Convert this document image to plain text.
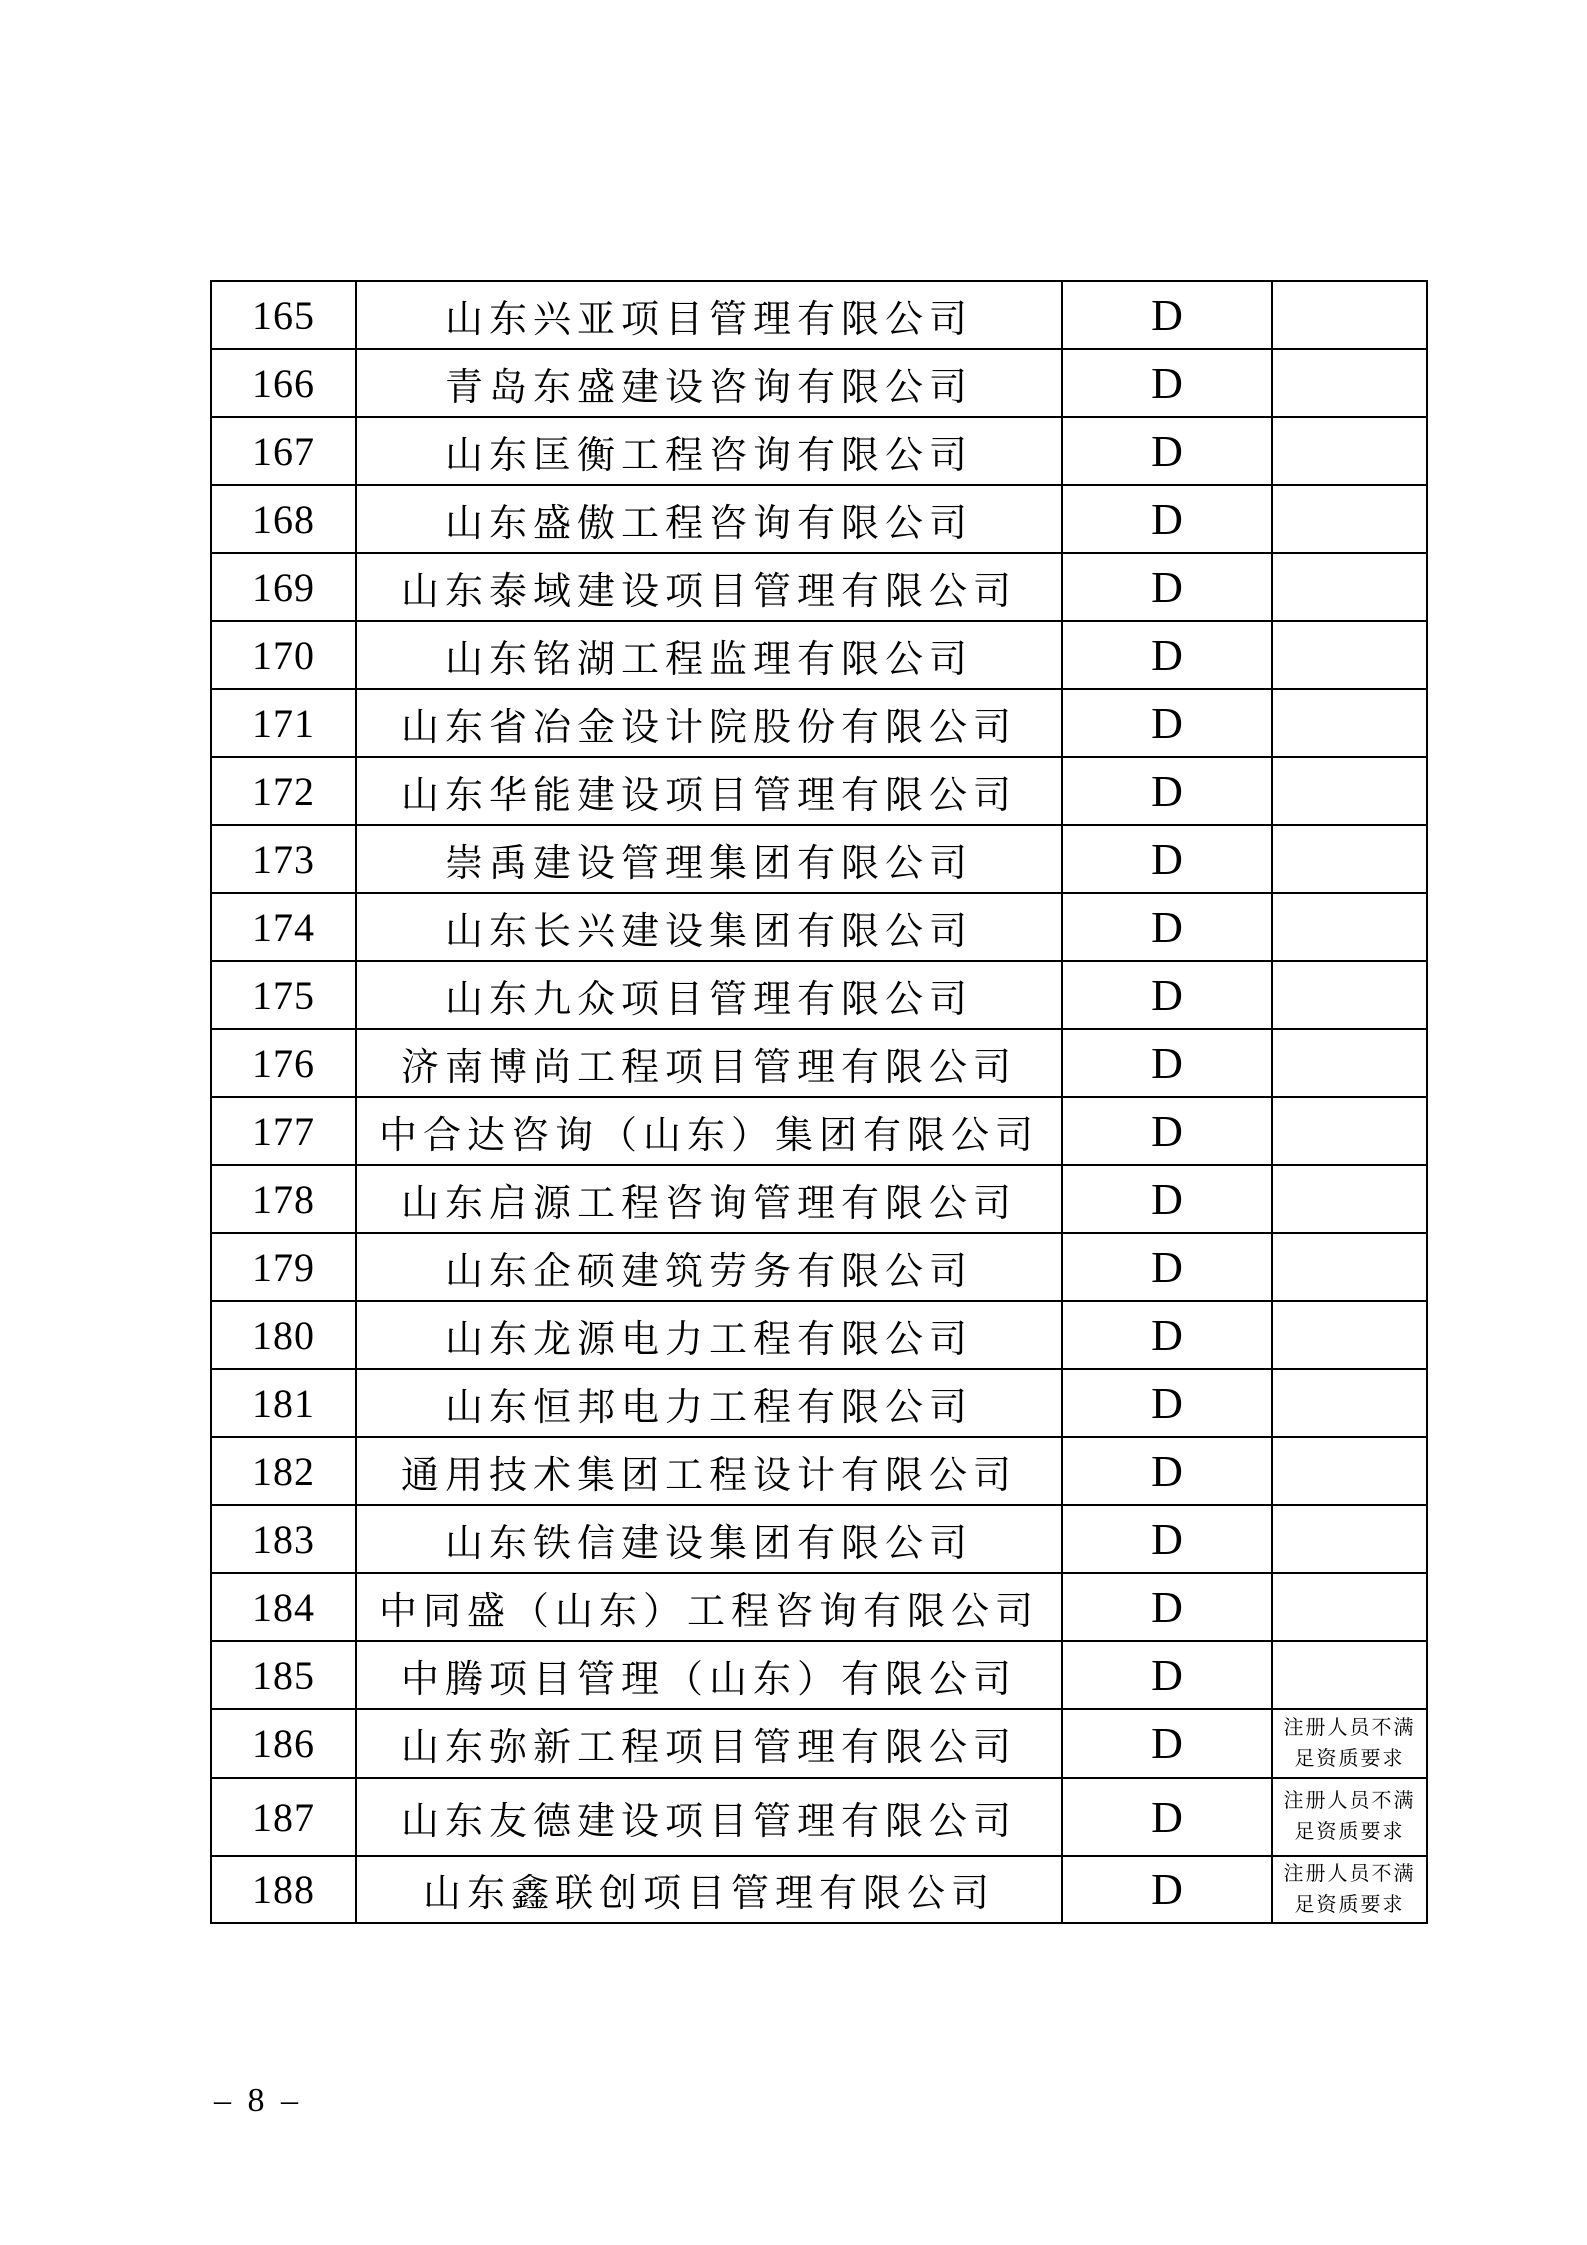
165	山东兴亚项目管理有限公司	D	
166	青岛东盛建设咨询有限公司	D	
167	山东匡衡工程咨询有限公司	D	
168	山东盛傲工程咨询有限公司	D	
169	山东泰域建设项目管理有限公司	D	
170	山东铭湖工程监理有限公司	D	
171	山东省冶金设计院股份有限公司	D	
172	山东华能建设项目管理有限公司	D	
173	崇禹建设管理集团有限公司	D	
174	山东长兴建设集团有限公司	D	
175	山东九众项目管理有限公司	D	
176	济南博尚工程项目管理有限公司	D	
177	中合达咨询（山东）集团有限公司	D	
178	山东启源工程咨询管理有限公司	D	
179	山东企硕建筑劳务有限公司	D	
180	山东龙源电力工程有限公司	D	
181	山东恒邦电力工程有限公司	D	
182	通用技术集团工程设计有限公司	D	
183	山东铁信建设集团有限公司	D	
184	中同盛（山东）工程咨询有限公司	D	
185	中腾项目管理（山东）有限公司	D	
186	山东弥新工程项目管理有限公司	D	注册人员不满足资质要求
187	山东友德建设项目管理有限公司	D	注册人员不满足资质要求
188	山东鑫联创项目管理有限公司	D	注册人员不满足资质要求
– 8 –
